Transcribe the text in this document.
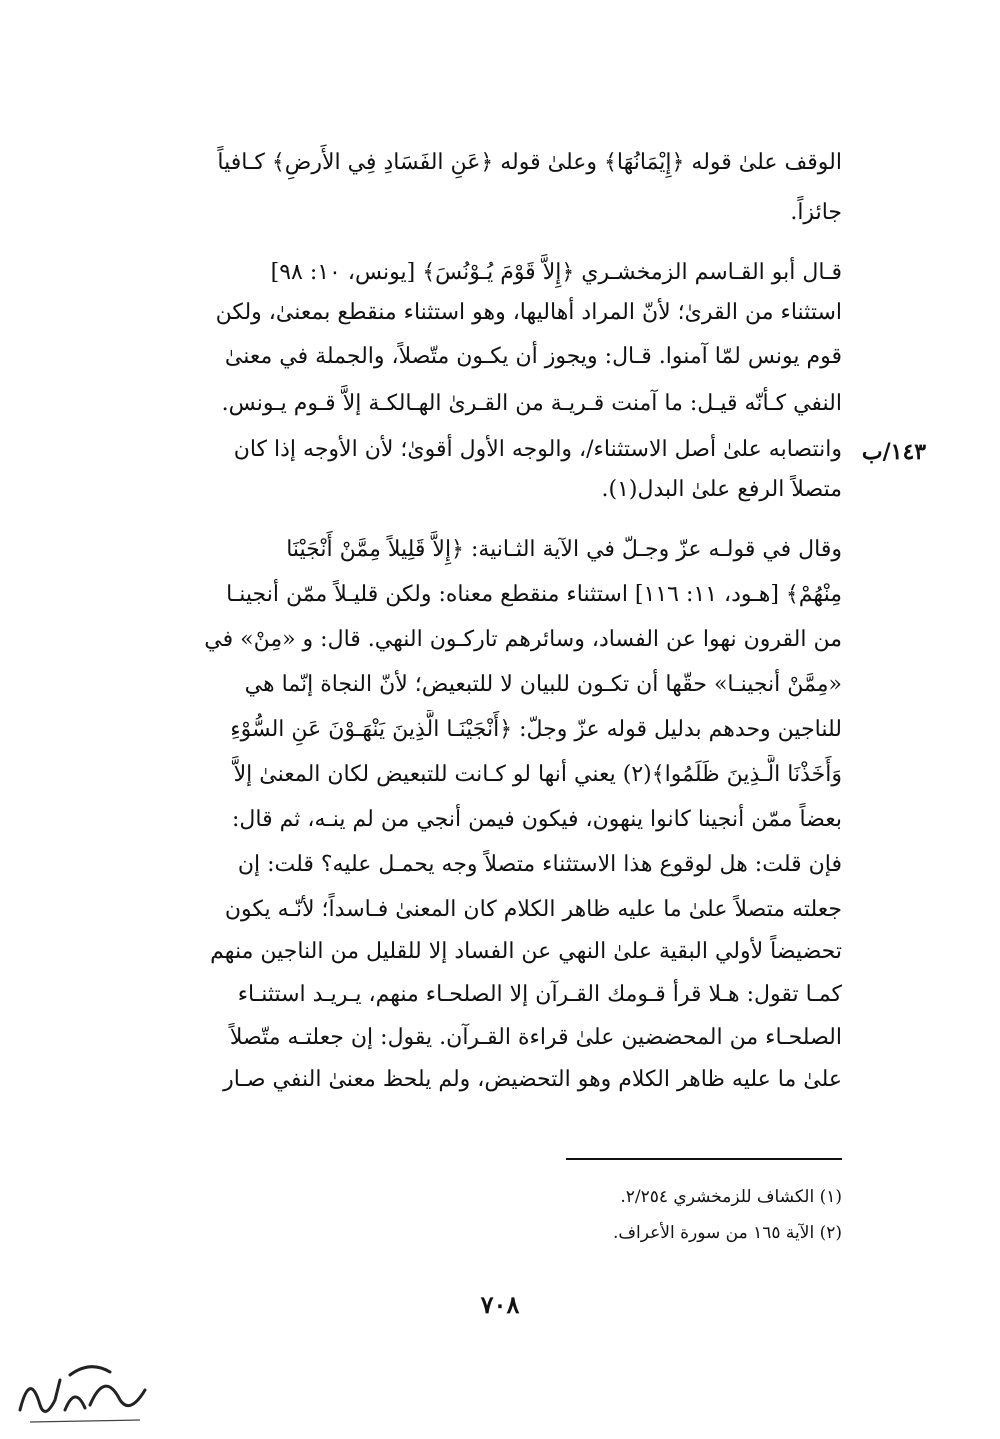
الوقف علىٰ قوله ﴿إِيْمَانُهَا﴾ وعلىٰ قوله ﴿عَنِ الفَسَادِ فِي الأَرضِ﴾ كـافياً
جائزاً.
قـال أبو القـاسم الزمخشـري ﴿إِلاَّ قَوْمَ يُـوْنُسَ﴾ [يونس، ١٠: ٩٨]
استثناء من القرىٰ؛ لأنّ المراد أهاليها، وهو استثناء منقطع بمعنىٰ، ولكن
قوم يونس لمّا آمنوا. قـال: ويجوز أن يكـون متّصلاً، والجملة في معنىٰ
النفي كـأنّه قيـل: ما آمنت قـريـة من القـرىٰ الهـالكـة إلاَّ قـوم يـونس.
وانتصابه علىٰ أصل الاستثناء/، والوجه الأول أقوىٰ؛ لأن الأوجه إذا كان
متصلاً الرفع علىٰ البدل(١).
وقال في قولـه عزّ وجـلّ في الآية الثـانية: ﴿إِلاَّ قَلِيلاً مِمَّنْ أَنْجَيْنَا
مِنْهُمْ﴾ [هـود، ١١: ١١٦] استثناء منقطع معناه: ولكن قليـلاً ممّن أنجينـا
من القرون نهوا عن الفساد، وسائرهم تاركـون النهي. قال: و «مِنْ» في
«مِمَّنْ أنجينـا» حقّها أن تكـون للبيان لا للتبعيض؛ لأنّ النجاة إنّما هي
للناجين وحدهم بدليل قوله عزّ وجلّ: ﴿أَنْجَيْنَـا الَّذِينَ يَنْهَـوْنَ عَنِ السُّوْءِ
وَأَخَذْنَا الَّـذِينَ ظَلَمُوا﴾(٢) يعني أنها لو كـانت للتبعيض لكان المعنىٰ إلاَّ
بعضاً ممّن أنجينا كانوا ينهون، فيكون فيمن أنجي من لم ينـه، ثم قال:
فإن قلت: هل لوقوع هذا الاستثناء متصلاً وجه يحمـل عليه؟ قلت: إن
جعلته متصلاً علىٰ ما عليه ظاهر الكلام كان المعنىٰ فـاسداً؛ لأنّـه يكون
تحضيضاً لأولي البقية علىٰ النهي عن الفساد إلا للقليل من الناجين منهم
كمـا تقول: هـلا قرأ قـومك القـرآن إلا الصلحـاء منهم، يـريـد استثنـاء
الصلحـاء من المحضضين علىٰ قراءة القـرآن. يقول: إن جعلتـه متّصلاً
علىٰ ما عليه ظاهر الكلام وهو التحضيض، ولم يلحظ معنىٰ النفي صـار
١٤٣/ب
(١) الكشاف للزمخشري ٢/٢٥٤.
(٢) الآية ١٦٥ من سورة الأعراف.
٧٠٨
